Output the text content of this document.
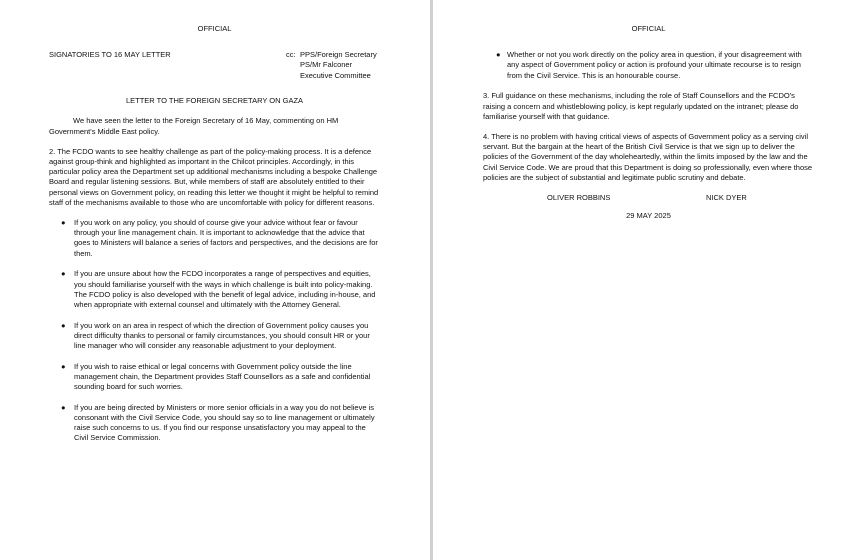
OFFICIAL
SIGNATORIES TO 16 MAY LETTER	cc: PPS/Foreign Secretary
PS/Mr Falconer
Executive Committee
LETTER TO THE FOREIGN SECRETARY ON GAZA

We have seen the letter to the Foreign Secretary of 16 May, commenting on HM Government's Middle East policy.

2. The FCDO wants to see healthy challenge as part of the policy-making process. It is a defence against group-think and highlighted as important in the Chilcot principles. Accordingly, in this particular policy area the Department set up additional mechanisms including a bespoke Challenge Board and regular listening sessions. But, while members of staff are absolutely entitled to their personal views on Government policy, on reading this letter we thought it might be helpful to remind staff of the mechanisms available to those who are uncomfortable with policy for different reasons.

● If you work on any policy, you should of course give your advice without fear or favour through your line management chain. It is important to acknowledge that the advice that goes to Ministers will balance a series of factors and perspectives, and the decisions are for them.
● If you are unsure about how the FCDO incorporates a range of perspectives and equities, you should familiarise yourself with the ways in which challenge is built into policy-making. The FCDO policy is also developed with the benefit of legal advice, including in-house, and when appropriate with external counsel and ultimately with the Attorney General.
● If you work on an area in respect of which the direction of Government policy causes you direct difficulty thanks to personal or family circumstances, you should consult HR or your line manager who will consider any reasonable adjustment to your deployment.
● If you wish to raise ethical or legal concerns with Government policy outside the line management chain, the Department provides Staff Counsellors as a safe and confidential sounding board for such worries.
● If you are being directed by Ministers or more senior officials in a way you do not believe is consonant with the Civil Service Code, you should say so to line management or ultimately raise such concerns to us. If you find our response unsatisfactory you may appeal to the Civil Service Commission.
OFFICIAL
● Whether or not you work directly on the policy area in question, if your disagreement with any aspect of Government policy or action is profound your ultimate recourse is to resign from the Civil Service. This is an honourable course.

3. Full guidance on these mechanisms, including the role of Staff Counsellors and the FCDO's raising a concern and whistleblowing policy, is kept regularly updated on the intranet; please do familiarise yourself with that guidance.

4. There is no problem with having critical views of aspects of Government policy as a serving civil servant. But the bargain at the heart of the British Civil Service is that we sign up to deliver the policies of the Government of the day wholeheartedly, within the limits imposed by the law and the Civil Service Code. We are proud that this Department is doing so professionally, even where those policies are the subject of substantial and legitimate public scrutiny and debate.

OLIVER ROBBINS	NICK DYER
29 MAY 2025
